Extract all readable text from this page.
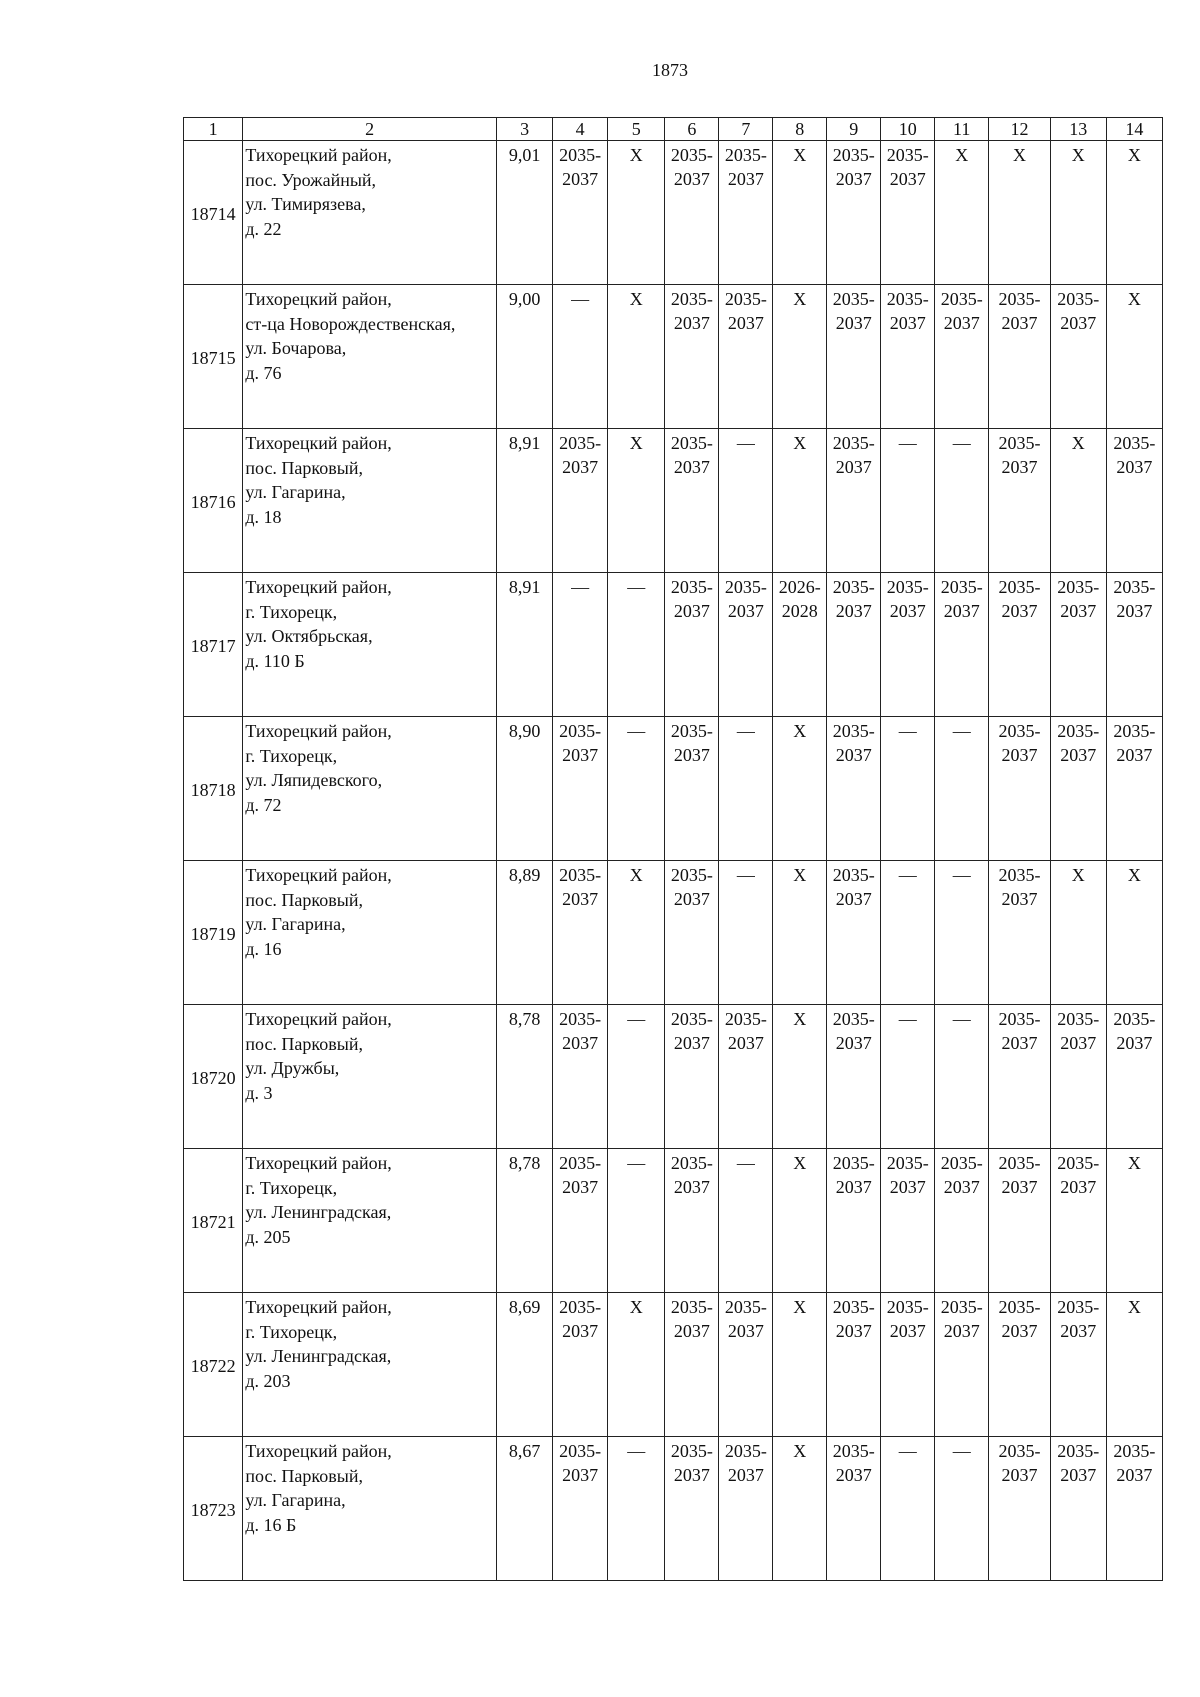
1873
1	2	3	4	5	6	7	8	9	10	11	12	13	14
18714	Тихорецкий район,
пос. Урожайный,
ул. Тимирязева,
д. 22	9,01	2035-
2037	X	2035-
2037	2035-
2037	X	2035-
2037	2035-
2037	X	X	X	X

18715	Тихорецкий район,
ст-ца Новорождественская,
ул. Бочарова,
д. 76	9,00	—	X	2035-
2037	2035-
2037	X	2035-
2037	2035-
2037	2035-
2037	2035-
2037	2035-
2037	X

18716	Тихорецкий район,
пос. Парковый,
ул. Гагарина,
д. 18	8,91	2035-
2037	X	2035-
2037	—	X	2035-
2037	—	—	2035-
2037	X	2035-
2037

18717	Тихорецкий район,
г. Тихорецк,
ул. Октябрьская,
д. 110 Б	8,91	—	—	2035-
2037	2035-
2037	2026-
2028	2035-
2037	2035-
2037	2035-
2037	2035-
2037	2035-
2037	2035-
2037

18718	Тихорецкий район,
г. Тихорецк,
ул. Ляпидевского,
д. 72	8,90	2035-
2037	—	2035-
2037	—	X	2035-
2037	—	—	2035-
2037	2035-
2037	2035-
2037

18719	Тихорецкий район,
пос. Парковый,
ул. Гагарина,
д. 16	8,89	2035-
2037	X	2035-
2037	—	X	2035-
2037	—	—	2035-
2037	X	X

18720	Тихорецкий район,
пос. Парковый,
ул. Дружбы,
д. 3	8,78	2035-
2037	—	2035-
2037	2035-
2037	X	2035-
2037	—	—	2035-
2037	2035-
2037	2035-
2037

18721	Тихорецкий район,
г. Тихорецк,
ул. Ленинградская,
д. 205	8,78	2035-
2037	—	2035-
2037	—	X	2035-
2037	2035-
2037	2035-
2037	2035-
2037	2035-
2037	X

18722	Тихорецкий район,
г. Тихорецк,
ул. Ленинградская,
д. 203	8,69	2035-
2037	X	2035-
2037	2035-
2037	X	2035-
2037	2035-
2037	2035-
2037	2035-
2037	2035-
2037	X

18723	Тихорецкий район,
пос. Парковый,
ул. Гагарина,
д. 16 Б	8,67	2035-
2037	—	2035-
2037	2035-
2037	X	2035-
2037	—	—	2035-
2037	2035-
2037	2035-
2037
